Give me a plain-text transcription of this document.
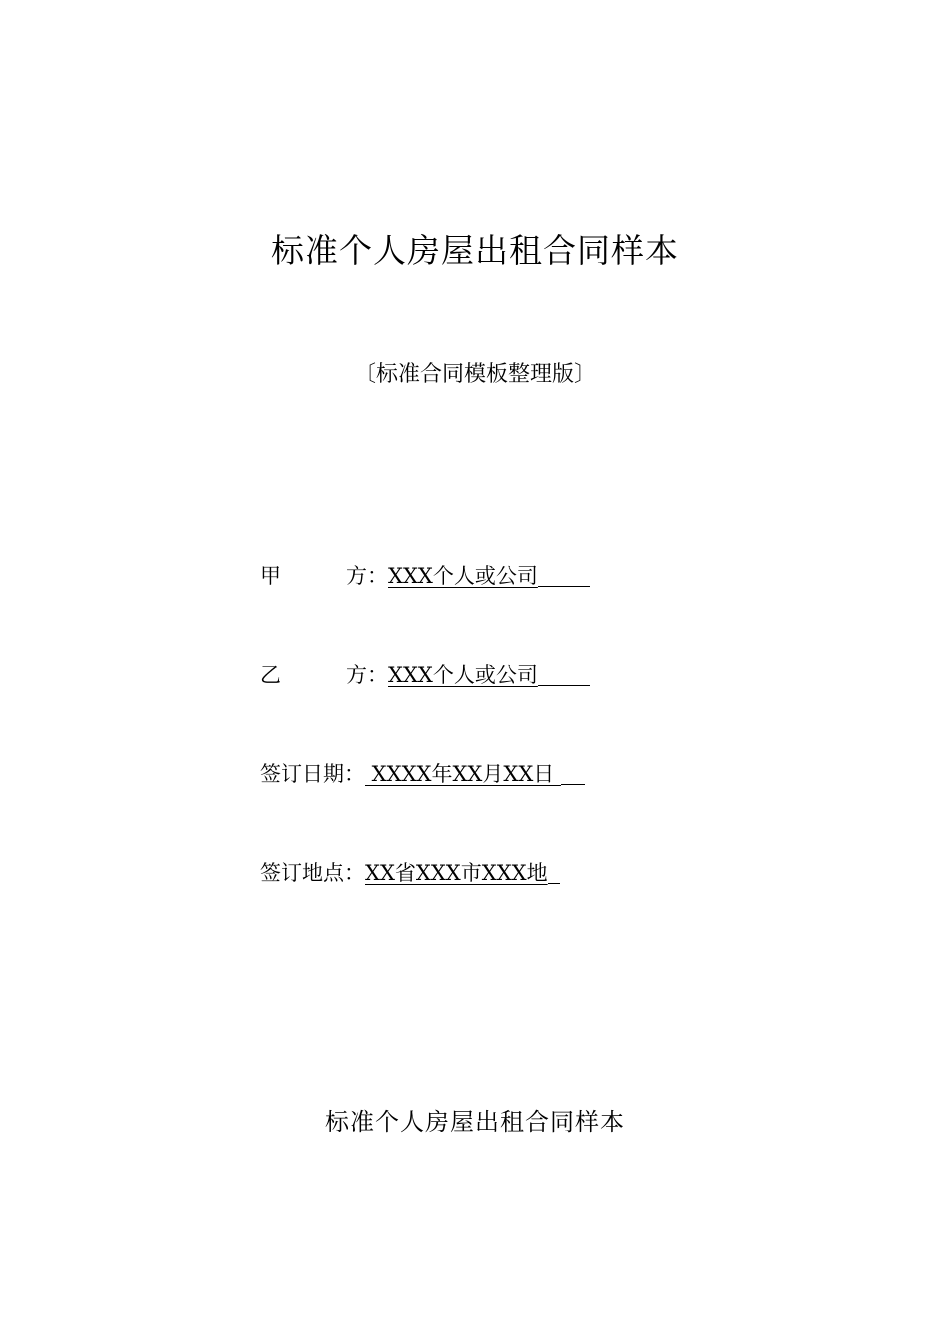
标准个人房屋出租合同样本
〔标准合同模板整理版〕
甲	方： XXX个人或公司
乙	方： XXX个人或公司
签订日期： XXXX年XX月XX日
签订地点：XX省XXX市XXX地
标准个人房屋出租合同样本
